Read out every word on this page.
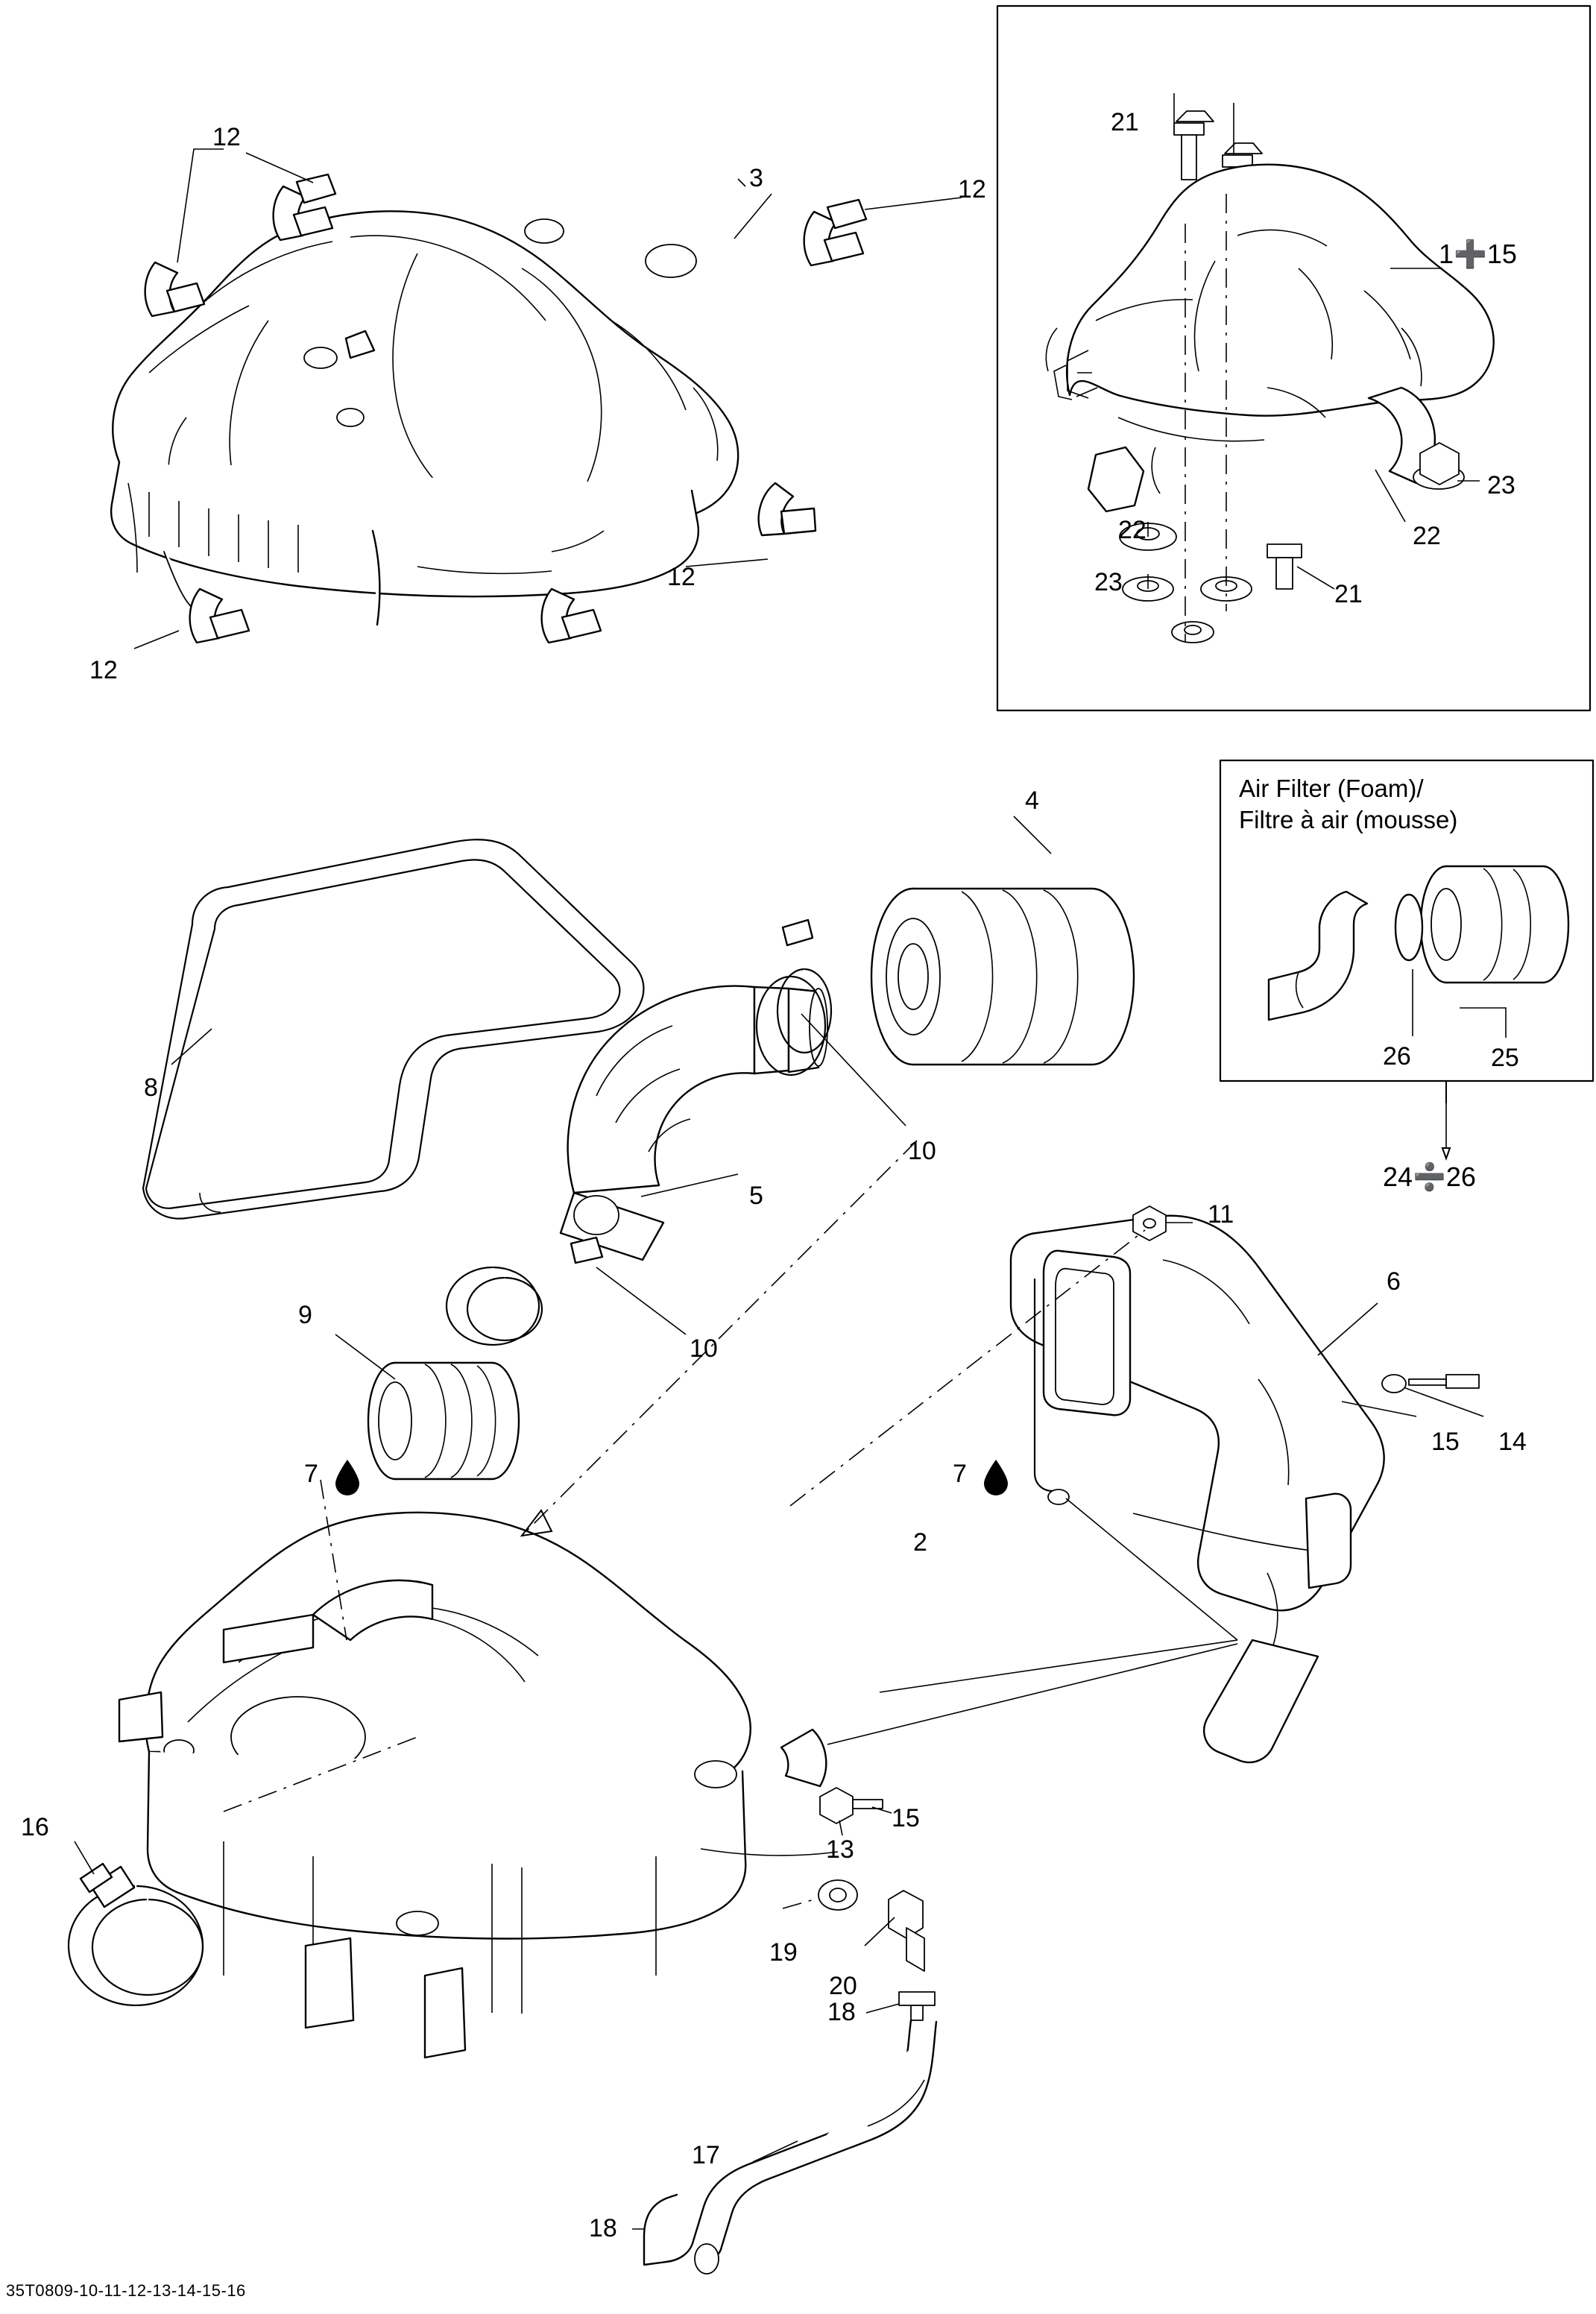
3
12
12
12
12
8
4
10
5
10
9
7	7
11
6
15 14
2
13
15
16
19
20
18
17
18
21
1➕15
23
22
22
23	21
Air Filter (Foam)/
Filtre à air (mousse)
26	25
24➗26
35T0809-10-11-12-13-14-15-16
